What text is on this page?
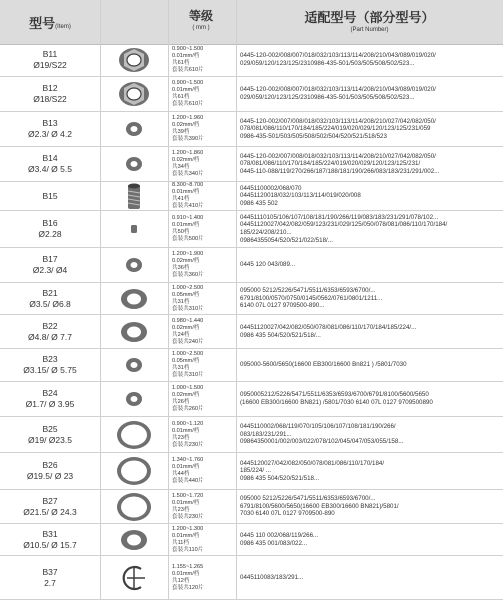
型号(Item)
等级
( mm )
适配型号（部分型号）
(Part Number)
B11
Ø19/S22
0.900~1.500
0.01mm/档
共61档
套装共610片
0445-120-002/008/007/018/032/103/113/114/208/210/043/089/019/020/
029/059/120/123/125/2310986-435-501/503/505/508/502/523...
B12
Ø18/S22
0.900~1.500
0.01mm/档
共61档
套装共610片
0445-120-002/008/007/018/032/103/113/114/208/210/043/089/019/020/
029/059/120/123/125/2310986-435-501/503/505/508/502/523...
B13
Ø2.3/ Ø 4.2
1.200~1.960
0.02mm/档
共39档
套装共390片
0445-120-002/007/008/018/032/103/113/114/208/210/027/042/082/050/
078/081/086/110/170/184/185/224/019/020/029/120/123/125/231/059
0986-435-501/503/505/508/502/504/520/521/518/523
B14
Ø3.4/ Ø 5.5
1.200~1.860
0.02mm/档
共34档
套装共340片
0445-120-002/007/008/018/032/103/113/114/208/210/027/042/082/050/
078/081/086/110/170/184/185/224/019/020/029/120/123/125/231/
0445-110-088/119/270/266/187/188/181/190/266/083/183/231/291/002...
B15
8.300~8.700
0.01mm/档
共41档
套装共410片
04451100002/068/070
04451120018/032/103/113/114/019/020/008
0986 435 502
B16
Ø2.28
0.910~1.400
0.01mm/档
共50档
套装共500片
04451110105/106/107/108/181/190/266/119/083/183/231/291/078/102...
04451120027/042/082/059/123/231/029/125/050/078/081/086/110/170/184/
185/224/208/210...
09864355054/520/521/022/518/...
B17
Ø2.3/ Ø4
1.200~1.900
0.02mm/档
共36档
套装共360片
0445 120 043/089...
B21
Ø3.5/ Ø6.8
1.000~2.500
0.05mm/档
共31档
套装共310片
095000 5212/5226/5471/5511/6353/6593/6700/...
6791/8100/0570/0750/0145/0562/0761/0801/1211...
6140 07L 0127 9709500-890...
B22
Ø4.8/ Ø 7.7
0.980~1.440
0.02mm/档
共24档
套装共240片
04451120027/042/082/050/078/081/086/110/170/184/185/224/...
0986 435 504/520/521/518/...
B23
Ø3.15/ Ø 5.75
1.000~2.500
0.05mm/档
共31档
套装共310片
095000-5600/5650(16600 EB300/16600 Bn821 ) /5801/7030
B24
Ø1.7/ Ø 3.95
1.000~1.500
0.02mm/档
共26档
套装共260片
0950005212/5226/5471/5511/6353/6593/6700/6791/8100/5600/5650
(16600 EB300/16600 BN821) /5801/7030 6140 07L 0127 9709500890
B25
Ø19/ Ø23.5
0.900~1.120
0.01mm/档
共23档
套装共230片
0445110002/068/119/070/105/106/107/108/181/190/266/
083/183/231/291...
09864350001/002/003/022/078/102/045/047/053/055/158...
B26
Ø19.5/ Ø 23
1.340~1.760
0.01mm/档
共44档
套装共440片
0445120027/042/082/050/078/081/086/110/170/184/
185/224/ ...
0986 435 504/520/521/518...
B27
Ø21.5/ Ø 24.3
1.500~1.720
0.01mm/档
共23档
套装共230片
095000 5212/5226/5471/5511/6353/6593/6700/...
6791/8100/5600/5650(16600 EB300/16600 BN821)/5801/
7030 6140 07L 0127 9709500-890
B31
Ø10.5/ Ø 15.7
1.200~1.300
0.01mm/档
共11档
套装共110片
0445 110 002/068/119/266...
0986 435 001/083/022...
B37
2.7
1.155~1.265
0.01mm/档
共12档
套装共120片
0445110083/183/291...
